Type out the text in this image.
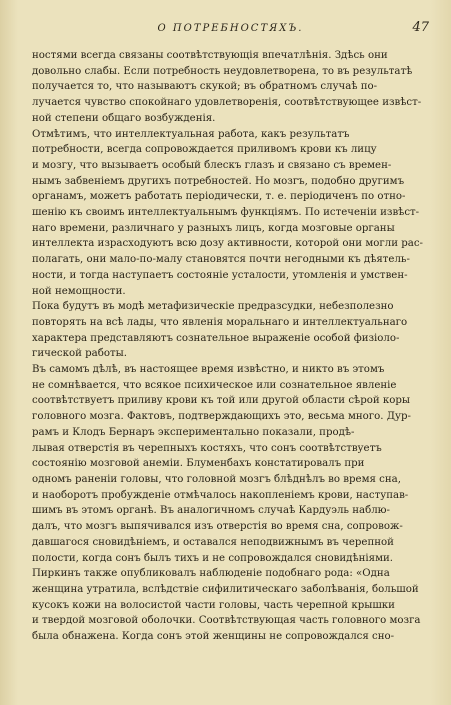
О ПОТРЕБНОСТЯХЪ.	47

ностями всегда связаны соотвѣтствующія впечатлѣнія. Здѣсь они
довольно слабы. Если потребность неудовлетворена, то въ результатѣ
получается то, что называютъ скукой; въ обратномъ случаѣ по-
лучается чувство спокойнаго удовлетворенія, соотвѣтствующее извѣст-
ной степени общаго возбужденія.

Отмѣтимъ, что интеллектуальная работа, какъ результатъ
потребности, всегда сопровождается приливомъ крови къ лицу
и мозгу, что вызываетъ особый блескъ глазъ и связано съ времен-
нымъ забвеніемъ другихъ потребностей. Но мозгъ, подобно другимъ
органамъ, можетъ работать періодически, т. е. періодиченъ по отно-
шенію къ своимъ интеллектуальнымъ функціямъ. По истеченіи извѣст-
наго времени, различнаго у разныхъ лицъ, когда мозговые органы
интеллекта израсходуютъ всю дозу активности, которой они могли рас-
полагать, они мало-по-малу становятся почти негодными къ дѣятель-
ности, и тогда наступаетъ состояніе усталости, утомленія и умствен-
ной немощности.

Пока будутъ въ модѣ метафизическіе предразсудки, небезполезно
повторять на всѣ лады, что явленія моральнаго и интеллектуальнаго
характера представляютъ сознательное выраженіе особой физіоло-
гической работы.

Въ самомъ дѣлѣ, въ настоящее время извѣстно, и никто въ этомъ
не сомнѣвается, что всякое психическое или сознательное явленіе
соотвѣтствуетъ приливу крови къ той или другой области сѣрой коры
головного мозга. Фактовъ, подтверждающихъ это, весьма много. Дур-
рамъ и Клодъ Бернаръ экспериментально показали, продѣ-
лывая отверстія въ черепныхъ костяхъ, что сонъ соотвѣтствуетъ
состоянію мозговой анеміи. Блуменбахъ констатировалъ при
одномъ раненіи головы, что головной мозгъ блѣднѣлъ во время сна,
и наоборотъ пробужденіе отмѣчалось накопленіемъ крови, наступав-
шимъ въ этомъ органѣ. Въ аналогичномъ случаѣ Кардуэль наблю-
далъ, что мозгъ выпячивался изъ отверстія во время сна, сопровож-
давшагося сновидѣніемъ, и оставался неподвижнымъ въ черепной
полости, когда сонъ былъ тихъ и не сопровождался сновидѣніями.
Пиркинъ также опубликовалъ наблюденіе подобнаго рода: «Одна
женщина утратила, вслѣдствіе сифилитическаго заболѣванія, большой
кусокъ кожи на волосистой части головы, часть черепной крышки
и твердой мозговой оболочки. Соотвѣтствующая часть головного мозга
была обнажена. Когда сонъ этой женщины не сопровождался сно-
